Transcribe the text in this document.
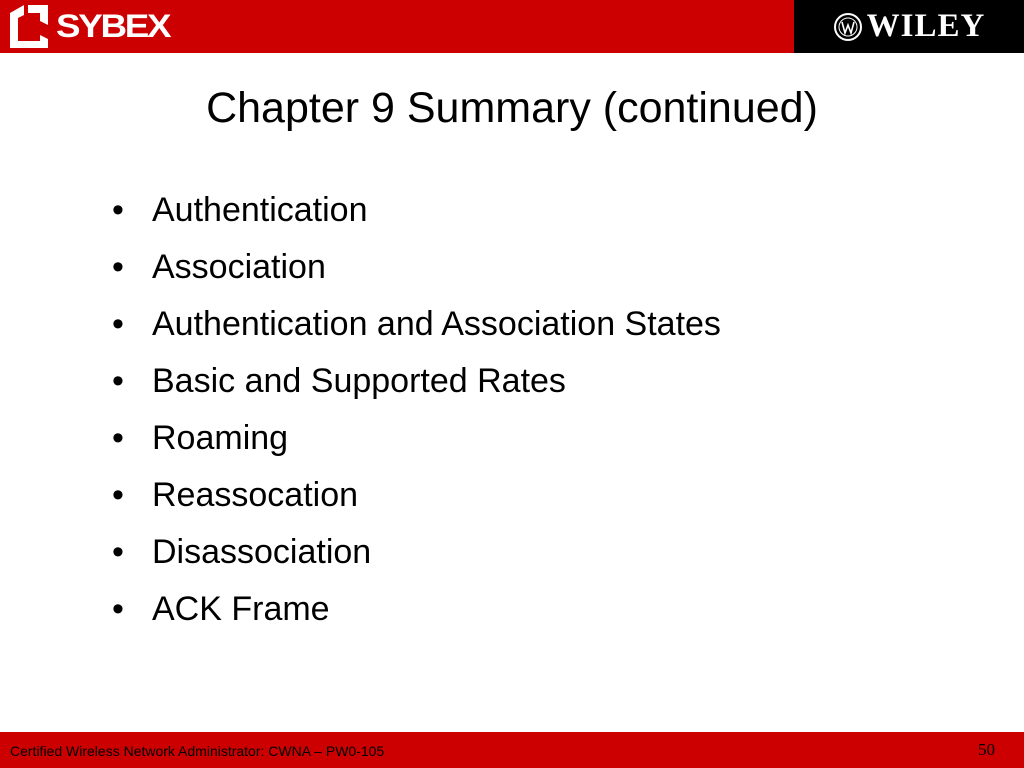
SYBEX	WILEY
Chapter 9 Summary (continued)
• Authentication
• Association
• Authentication and Association States
• Basic and Supported Rates
• Roaming
• Reassocation
• Disassociation
• ACK Frame
Certified Wireless Network Administrator: CWNA – PW0-105	50
